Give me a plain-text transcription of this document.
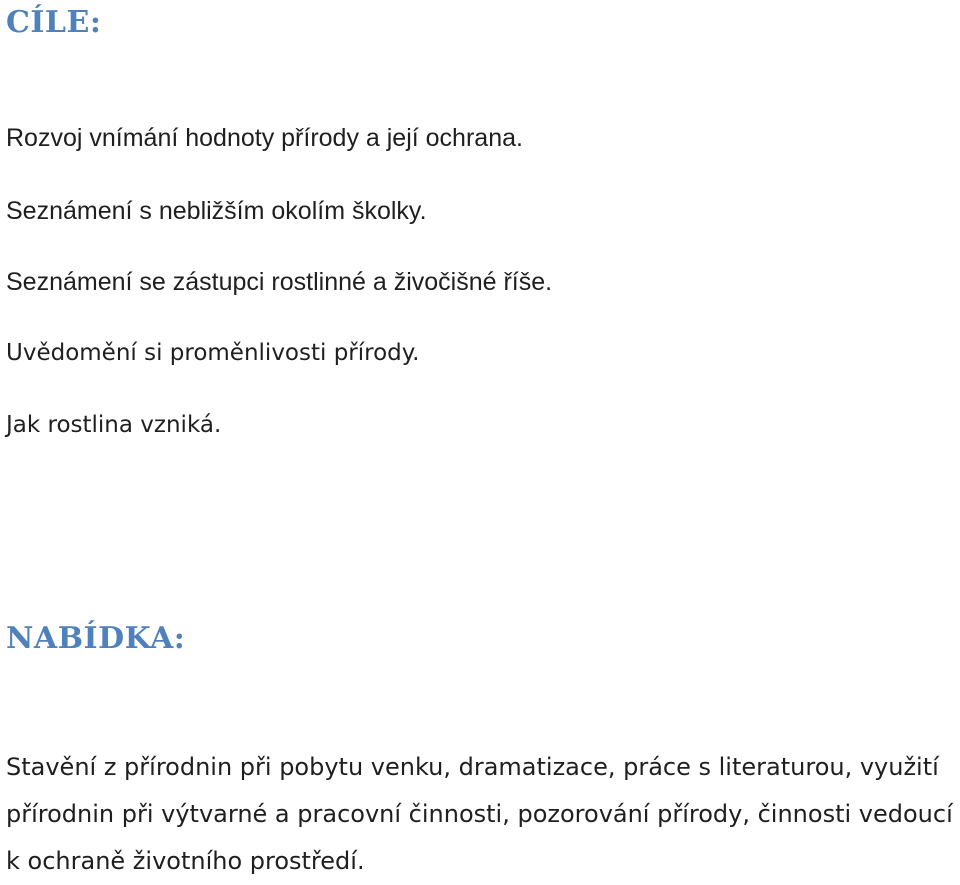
CÍLE:

Rozvoj vnímání hodnoty přírody a její ochrana.

Seznámení s nebližším okolím školky.

Seznámení se zástupci rostlinné a živočišné říše.

Uvědomění si proměnlivosti přírody.

Jak rostlina vzniká.

NABÍDKA:

Stavění z přírodnin při pobytu venku, dramatizace, práce s literaturou, využití přírodnin při výtvarné a pracovní činnosti, pozorování přírody, činnosti vedoucí k ochraně životního prostředí.
